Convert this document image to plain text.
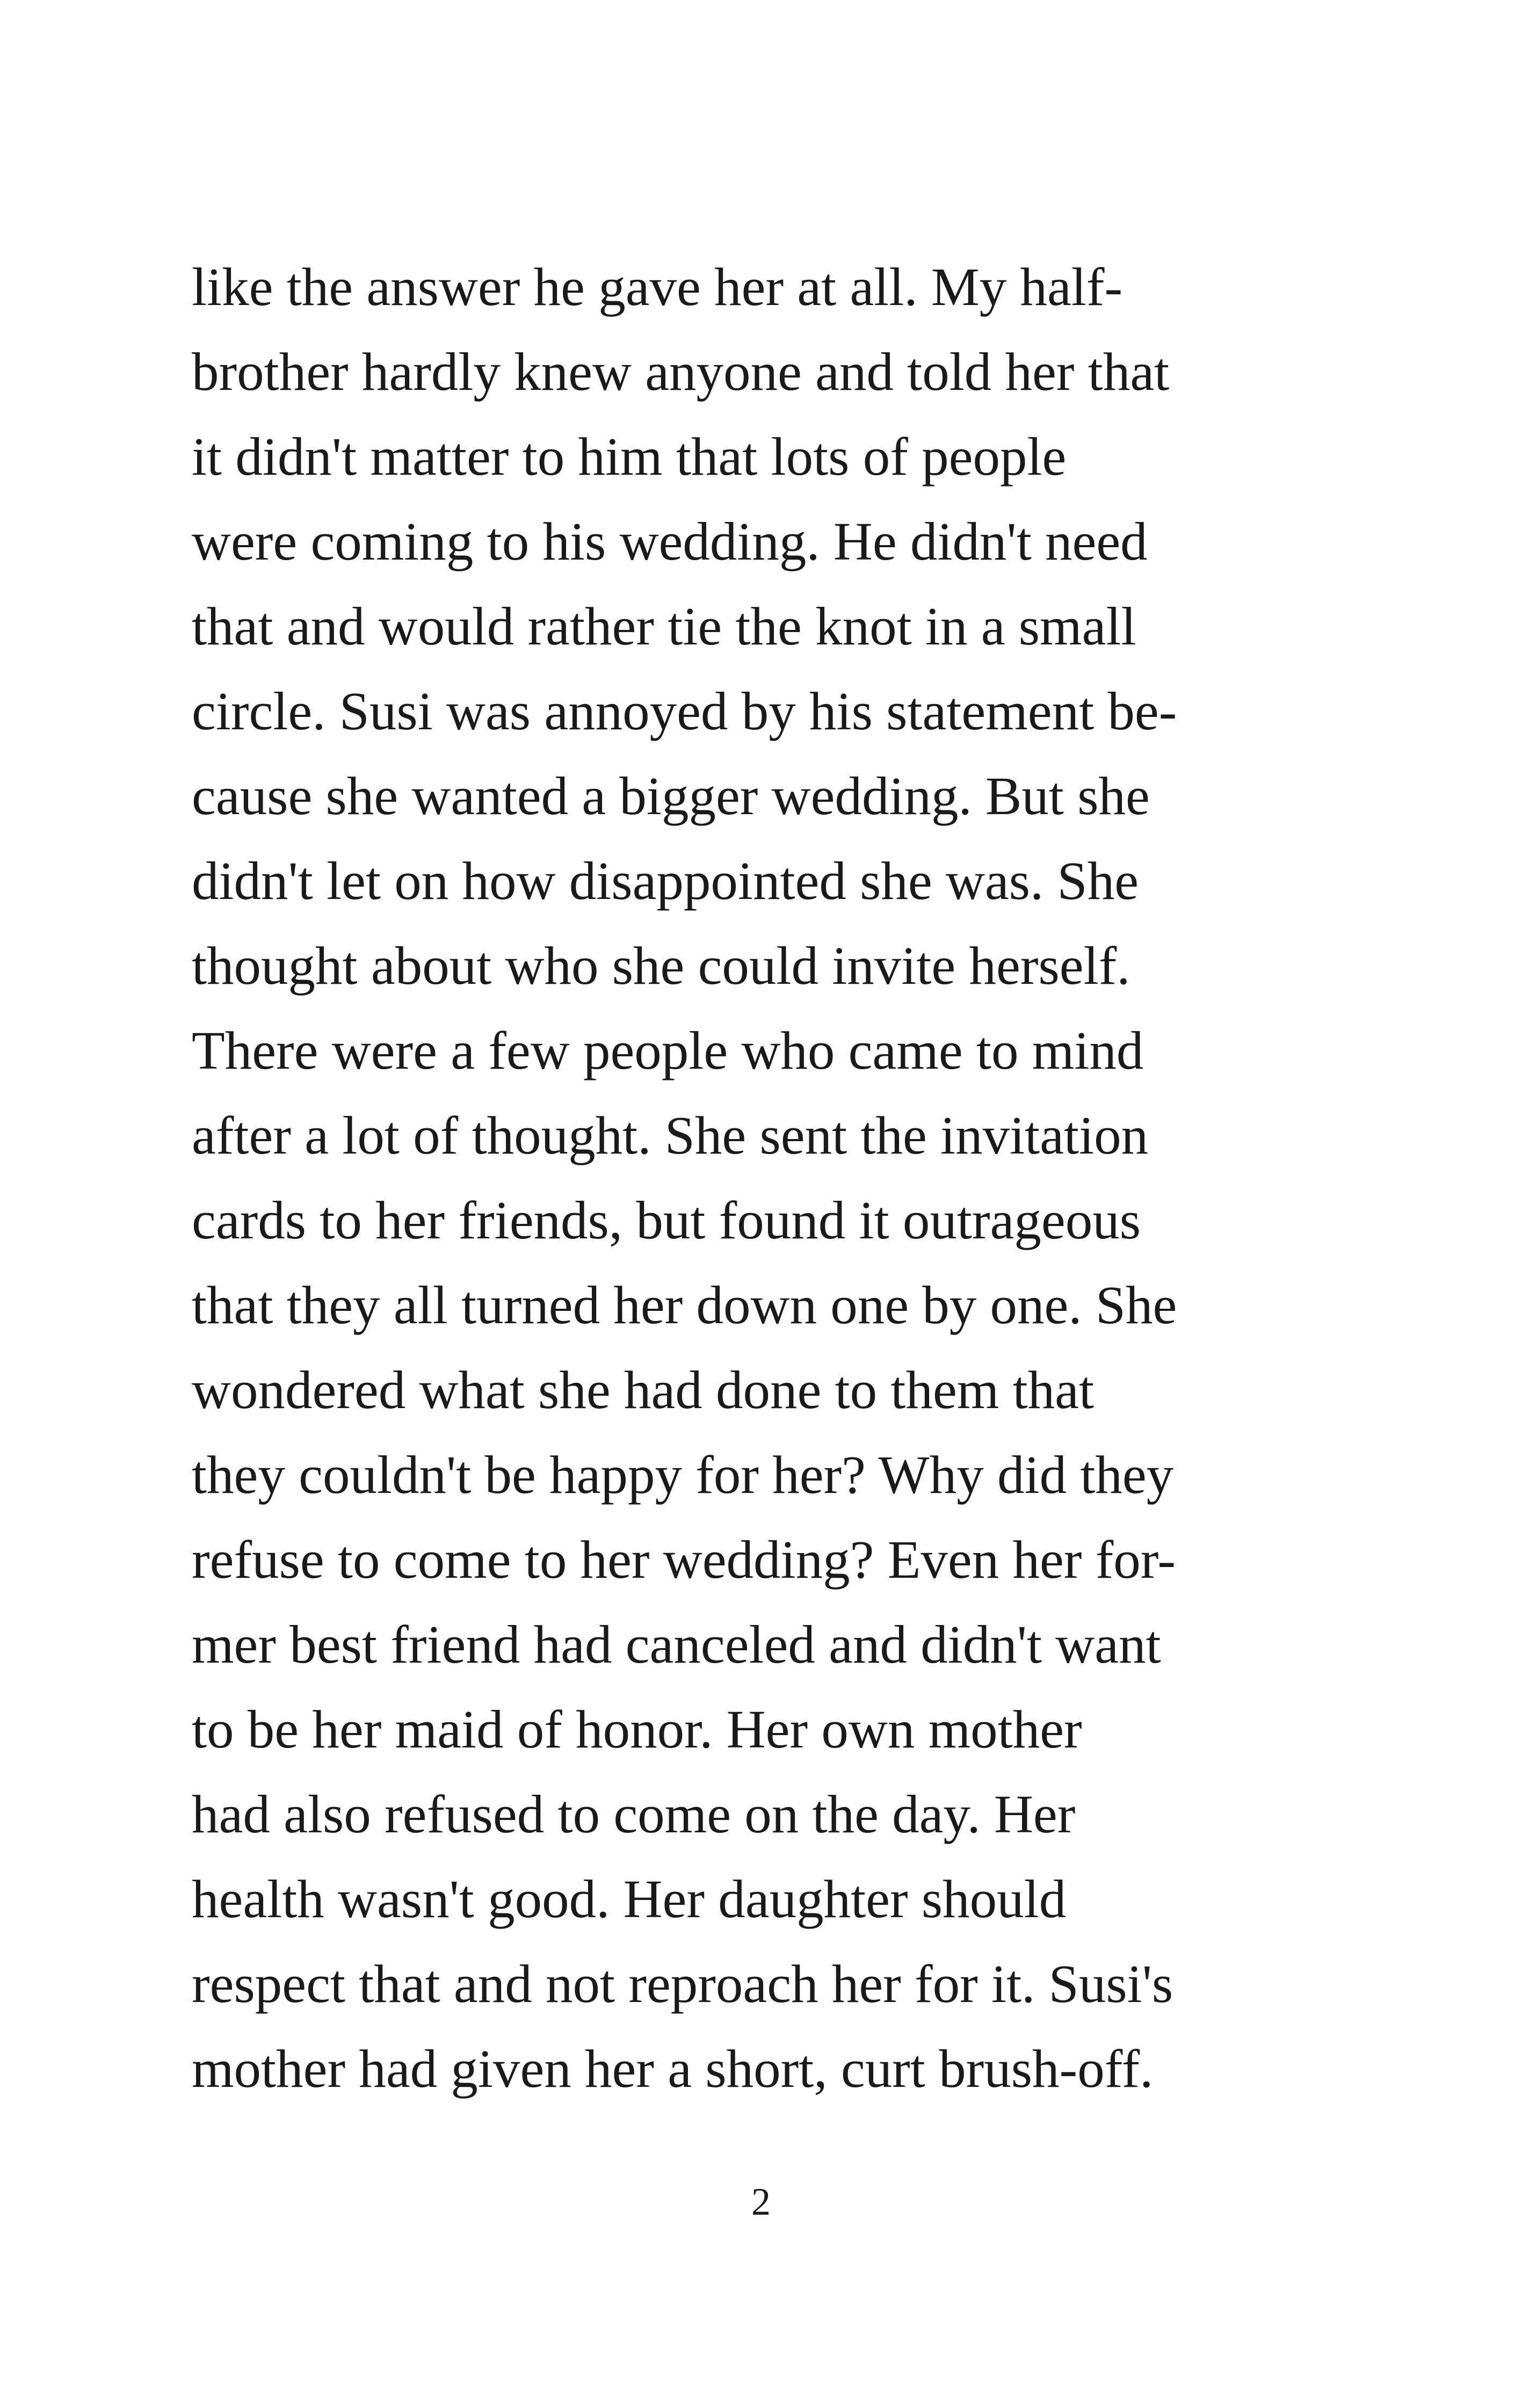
like the answer he gave her at all. My half-
brother hardly knew anyone and told her that
it didn't matter to him that lots of people
were coming to his wedding. He didn't need
that and would rather tie the knot in a small
circle. Susi was annoyed by his statement be-
cause she wanted a bigger wedding. But she
didn't let on how disappointed she was. She
thought about who she could invite herself.
There were a few people who came to mind
after a lot of thought. She sent the invitation
cards to her friends, but found it outrageous
that they all turned her down one by one. She
wondered what she had done to them that
they couldn't be happy for her? Why did they
refuse to come to her wedding? Even her for-
mer best friend had canceled and didn't want
to be her maid of honor. Her own mother
had also refused to come on the day. Her
health wasn't good. Her daughter should
respect that and not reproach her for it. Susi's
mother had given her a short, curt brush-off.
2
